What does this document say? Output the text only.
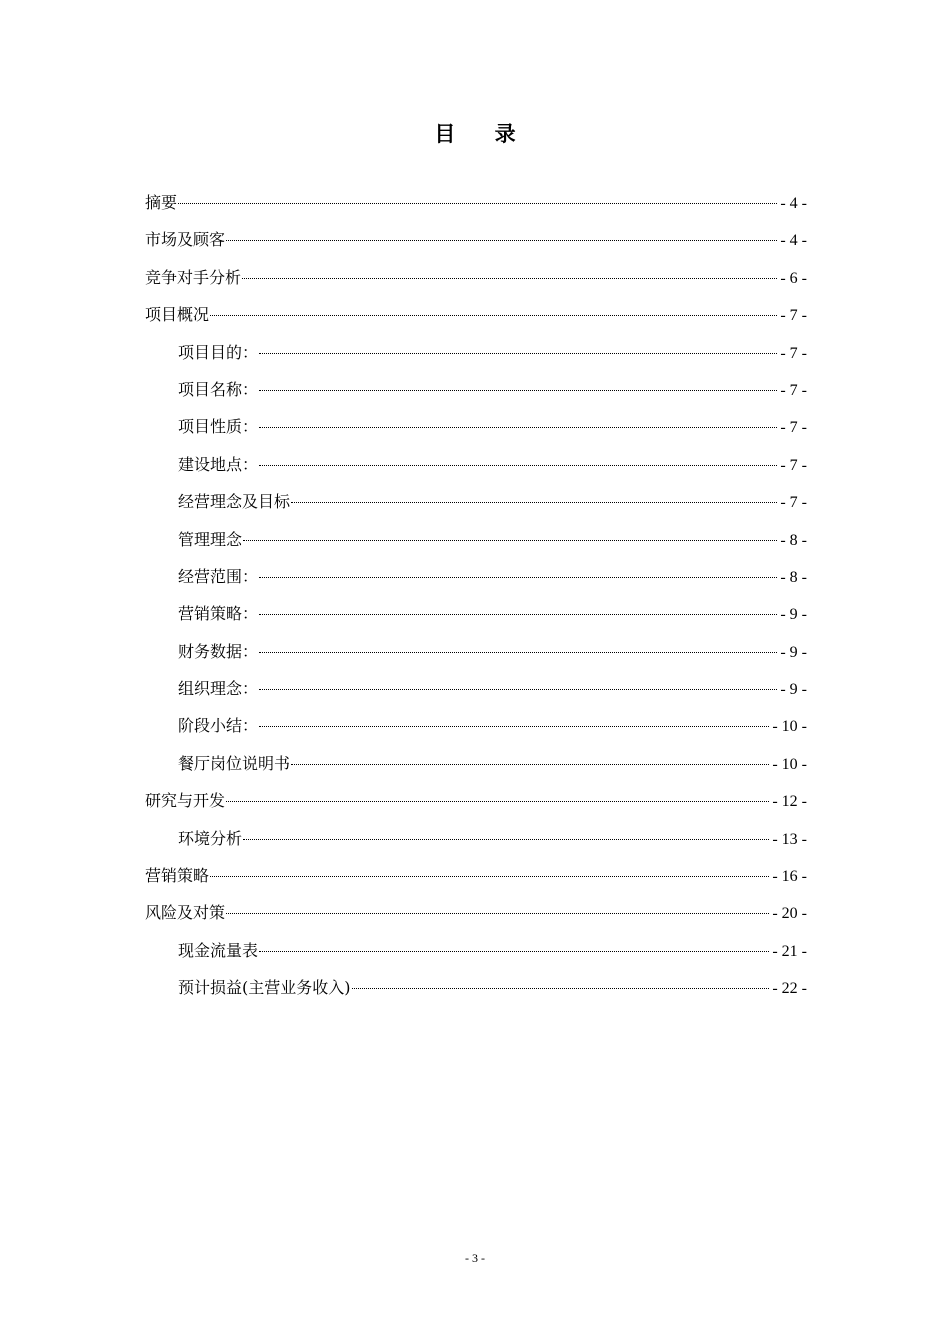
目 录
摘要	- 4 -
市场及顾客	- 4 -
竞争对手分析	- 6 -
项目概况	- 7 -
项目目的：	- 7 -
项目名称：	- 7 -
项目性质：	- 7 -
建设地点：	- 7 -
经营理念及目标	- 7 -
管理理念	- 8 -
经营范围：	- 8 -
营销策略：	- 9 -
财务数据：	- 9 -
组织理念：	- 9 -
阶段小结：	- 10 -
餐厅岗位说明书	- 10 -
研究与开发	- 12 -
环境分析	- 13 -
营销策略	- 16 -
风险及对策	- 20 -
现金流量表	- 21 -
预计损益(主营业务收入)	- 22 -
- 3 -
